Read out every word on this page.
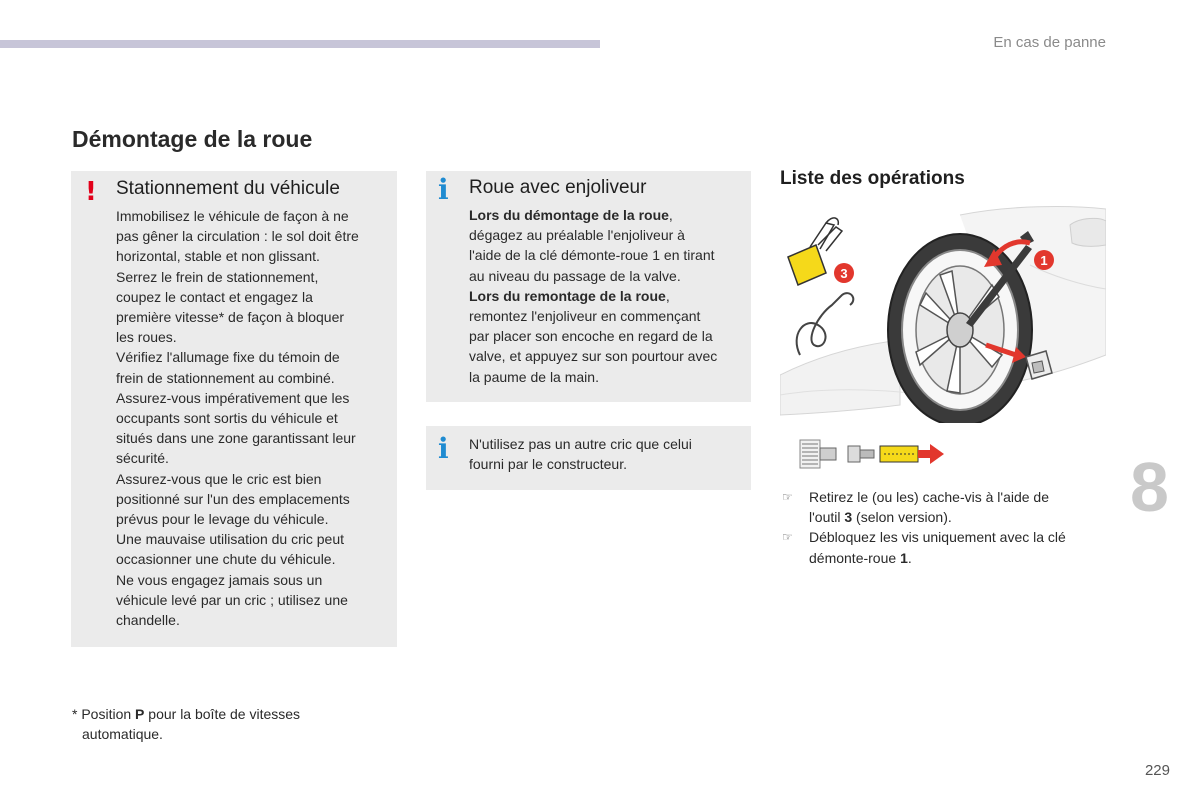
En cas de panne
Démontage de la roue
! Stationnement du véhicule

Immobilisez le véhicule de façon à ne

pas gêner la circulation : le sol doit être

horizontal, stable et non glissant.

Serrez le frein de stationnement,

coupez le contact et engagez la

première vitesse* de façon à bloquer

les roues.

Vérifiez l'allumage fixe du témoin de

frein de stationnement au combiné.

Assurez-vous impérativement que les

occupants sont sortis du véhicule et

situés dans une zone garantissant leur

sécurité.

Assurez-vous que le cric est bien

positionné sur l'un des emplacements

prévus pour le levage du véhicule.

Une mauvaise utilisation du cric peut

occasionner une chute du véhicule.

Ne vous engagez jamais sous un

véhicule levé par un cric ; utilisez une

chandelle.

i Roue avec enjoliveur

Lors du démontage de la roue,

dégagez au préalable l'enjoliveur à

l'aide de la clé démonte-roue 1 en tirant

au niveau du passage de la valve.

Lors du remontage de la roue,

remontez l'enjoliveur en commençant

par placer son encoche en regard de la

valve, et appuyez sur son pourtour avec

la paume de la main.

i N'utilisez pas un autre cric que celui

fourni par le constructeur.

Liste des opérations
1
3
☞ Retirez le (ou les) cache-vis à l'aide de
l'outil 3 (selon version).
☞ Débloquez les vis uniquement avec la clé
démonte-roue 1.
8
* Position P pour la boîte de vitesses
automatique.
229
